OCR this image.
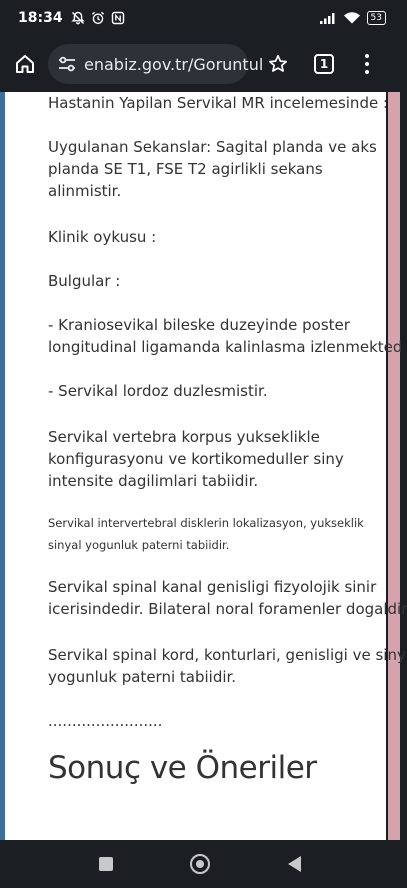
18:34	53
enabiz.gov.tr/Goruntul	1

Hastanin Yapilan Servikal MR incelemesinde :

Uygulanan Sekanslar: Sagital planda ve aks

planda SE T1, FSE T2 agirlikli sekans

alinmistir.

Klinik oykusu :

Bulgular :

- Kraniosevikal bileske duzeyinde poster

longitudinal ligamanda kalinlasma izlenmekted

- Servikal lordoz duzlesmistir.

Servikal vertebra korpus yukseklikle

konfigurasyonu ve kortikomeduller siny

intensite dagilimlari tabiidir.

Servikal intervertebral disklerin lokalizasyon, yukseklik

sinyal yogunluk paterni tabiidir.

Servikal spinal kanal genisligi fizyolojik sinir

icerisindedir. Bilateral noral foramenler dogaldir

Servikal spinal kord, konturlari, genisligi ve siny

yogunluk paterni tabiidir.

........................

Sonuç ve Öneriler
